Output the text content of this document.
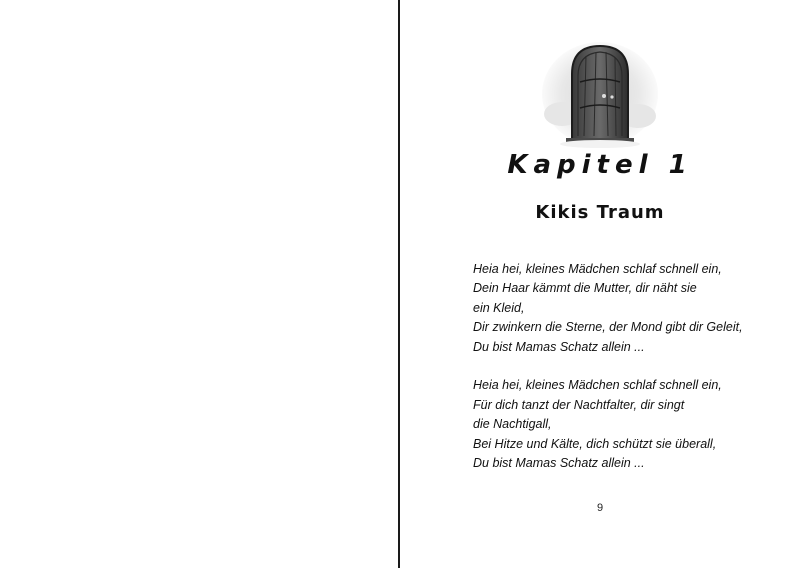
Kapitel 1
Kikis Traum
Heia hei, kleines Mädchen schlaf schnell ein,
Dein Haar kämmt die Mutter, dir näht sie
ein Kleid,
Dir zwinkern die Sterne, der Mond gibt dir Geleit,
Du bist Mamas Schatz allein ...
Heia hei, kleines Mädchen schlaf schnell ein,
Für dich tanzt der Nachtfalter, dir singt
die Nachtigall,
Bei Hitze und Kälte, dich schützt sie überall,
Du bist Mamas Schatz allein ...
9
